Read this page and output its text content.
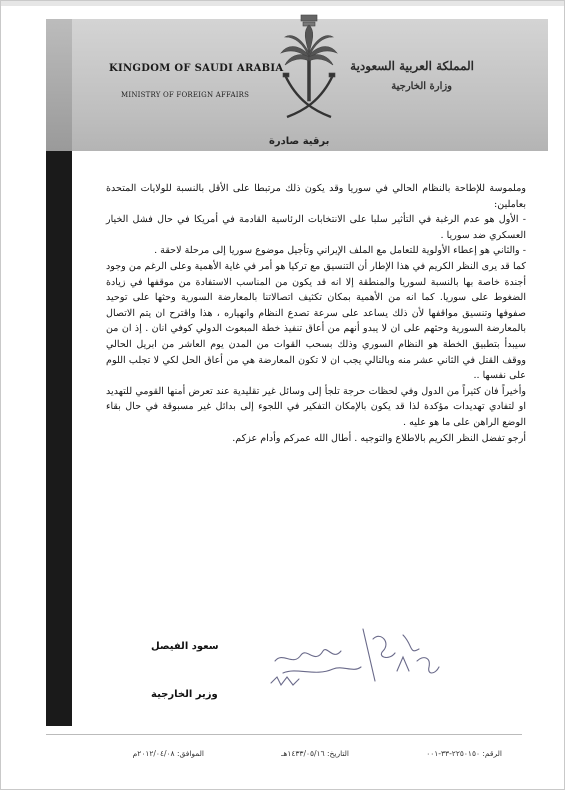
KINGDOM OF SAUDI ARABIA
MINISTRY OF FOREIGN AFFAIRS
المملكة العربية السعودية
وزارة الخارجية
برقية صادرة

وملموسة للإطاحة بالنظام الحالي في سوريا وقد يكون ذلك مرتبطا على الأقل بالنسبة للولايات المتحدة بعاملين:

- الأول هو عدم الرغبة في التأثير سلبا على الانتخابات الرئاسية القادمة في أمريكا في حال فشل الخيار العسكري ضد سوريا .

- والثاني هو إعطاء الأولوية للتعامل مع الملف الإيراني وتأجيل موضوع سوريا إلى مرحلة لاحقة .

كما قد يرى النظر الكريم في هذا الإطار أن التنسيق مع تركيا هو أمر في غاية الأهمية وعلى الرغم من وجود أجندة خاصة بها بالنسبة لسوريا والمنطقة إلا انه قد يكون من المناسب الاستفادة من موقفها في زيادة الضغوط على سوريا. كما انه من الأهمية بمكان تكثيف اتصالاتنا بالمعارضة السورية وحثها على توحيد صفوفها وتنسيق مواقفها لأن ذلك يساعد على سرعة تصدع النظام وانهياره ، هذا واقترح ان يتم الاتصال بالمعارضة السورية وحثهم على ان لا يبدو أنهم من أعاق تنفيذ خطة المبعوث الدولي كوفي انان . إذ ان من سيبدأ بتطبيق الخطة هو النظام السوري وذلك بسحب القوات من المدن يوم العاشر من ابريل الحالي ووقف القتل في الثاني عشر منه وبالتالي يجب ان لا تكون المعارضة هي من أعاق الحل لكي لا تجلب اللوم على نفسها ..

وأخيراً فان كثيراً من الدول وفي لحظات حرجة تلجأ إلى وسائل غير تقليدية عند تعرض أمنها القومي للتهديد او لتفادي تهديدات مؤكدة لذا قد يكون بالإمكان التفكير في اللجوء إلى بدائل غير مسبوقة في حال بقاء الوضع الراهن على ما هو عليه .

أرجو تفضل النظر الكريم بالاطلاع والتوجيه . أطال الله عمركم وأدام عزكم.

سعود الفيصل
وزير الخارجية
الرقم: ٢٢٥٠١٥٠-٣٣-٠٠١
التاريخ: ١٤٣٣/٠٥/١٦هـ
الموافق: ٢٠١٢/٠٤/٠٨م
